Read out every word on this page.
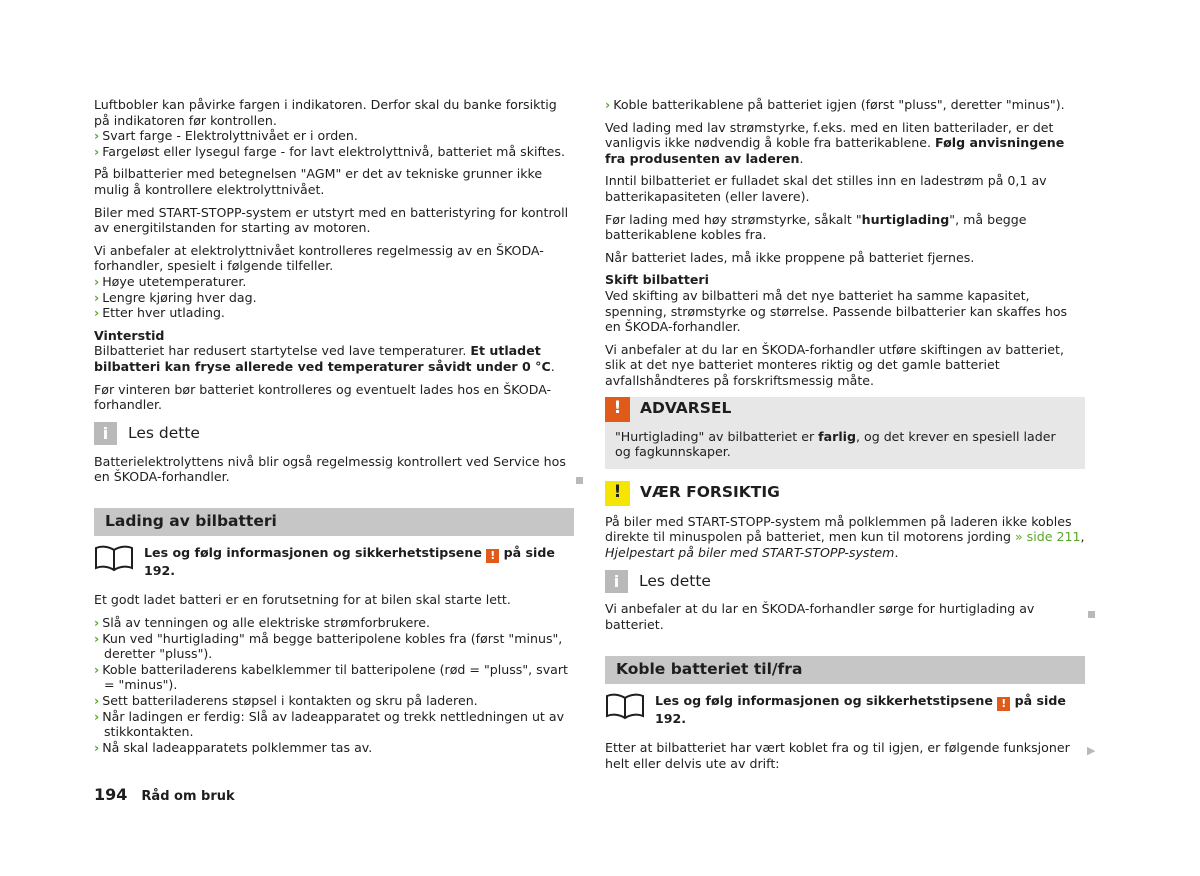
Luftbobler kan påvirke fargen i indikatoren. Derfor skal du banke forsiktig på indikatoren før kontrollen.

› Svart farge - Elektrolyttnivået er i orden.
› Fargeløst eller lysegul farge - for lavt elektrolyttnivå, batteriet må skiftes.

På bilbatterier med betegnelsen "AGM" er det av tekniske grunner ikke mulig å kontrollere elektrolyttnivået.

Biler med START-STOPP-system er utstyrt med en batteristyring for kontroll av energitilstanden for starting av motoren.

Vi anbefaler at elektrolyttnivået kontrolleres regelmessig av en ŠKODA-forhandler, spesielt i følgende tilfeller.

› Høye utetemperaturer.
› Lengre kjøring hver dag.
› Etter hver utlading.

Vinterstid

Bilbatteriet har redusert startytelse ved lave temperaturer. Et utladet bilbatteri kan fryse allerede ved temperaturer såvidt under 0 °C.

Før vinteren bør batteriet kontrolleres og eventuelt lades hos en ŠKODA-forhandler.

i	Les dette

Batterielektrolyttens nivå blir også regelmessig kontrollert ved Service hos en ŠKODA-forhandler.

Lading av bilbatteri
Les og følg informasjonen og sikkerhetstipsene ! på side 192.

Et godt ladet batteri er en forutsetning for at bilen skal starte lett.

› Slå av tenningen og alle elektriske strømforbrukere.
› Kun ved "hurtiglading" må begge batteripolene kobles fra (først "minus", deretter "pluss").
› Koble batteriladerens kabelklemmer til batteripolene (rød = "pluss", svart = "minus").
› Sett batteriladerens støpsel i kontakten og skru på laderen.
› Når ladingen er ferdig: Slå av ladeapparatet og trekk nettledningen ut av stikkontakten.
› Nå skal ladeapparatets polklemmer tas av.
› Koble batterikablene på batteriet igjen (først "pluss", deretter "minus").

Ved lading med lav strømstyrke, f.eks. med en liten batterilader, er det vanligvis ikke nødvendig å koble fra batterikablene. Følg anvisningene fra produsenten av laderen.

Inntil bilbatteriet er fulladet skal det stilles inn en ladestrøm på 0,1 av batterikapasiteten (eller lavere).

Før lading med høy strømstyrke, såkalt "hurtiglading", må begge batterikablene kobles fra.

Når batteriet lades, må ikke proppene på batteriet fjernes.

Skift bilbatteri

Ved skifting av bilbatteri må det nye batteriet ha samme kapasitet, spenning, strømstyrke og størrelse. Passende bilbatterier kan skaffes hos en ŠKODA-forhandler.

Vi anbefaler at du lar en ŠKODA-forhandler utføre skiftingen av batteriet, slik at det nye batteriet monteres riktig og det gamle batteriet avfallshåndteres på forskriftsmessig måte.

!	ADVARSEL
"Hurtiglading" av bilbatteriet er farlig, og det krever en spesiell lader og fagkunnskaper.
!	VÆR FORSIKTIG

På biler med START-STOPP-system må polklemmen på laderen ikke kobles direkte til minuspolen på batteriet, men kun til motorens jording » side 211, Hjelpestart på biler med START-STOPP-system.

i	Les dette

Vi anbefaler at du lar en ŠKODA-forhandler sørge for hurtiglading av batteriet.

Koble batteriet til/fra
Les og følg informasjonen og sikkerhetstipsene ! på side 192.

Etter at bilbatteriet har vært koblet fra og til igjen, er følgende funksjoner helt eller delvis ute av drift:

▶
194 Råd om bruk
